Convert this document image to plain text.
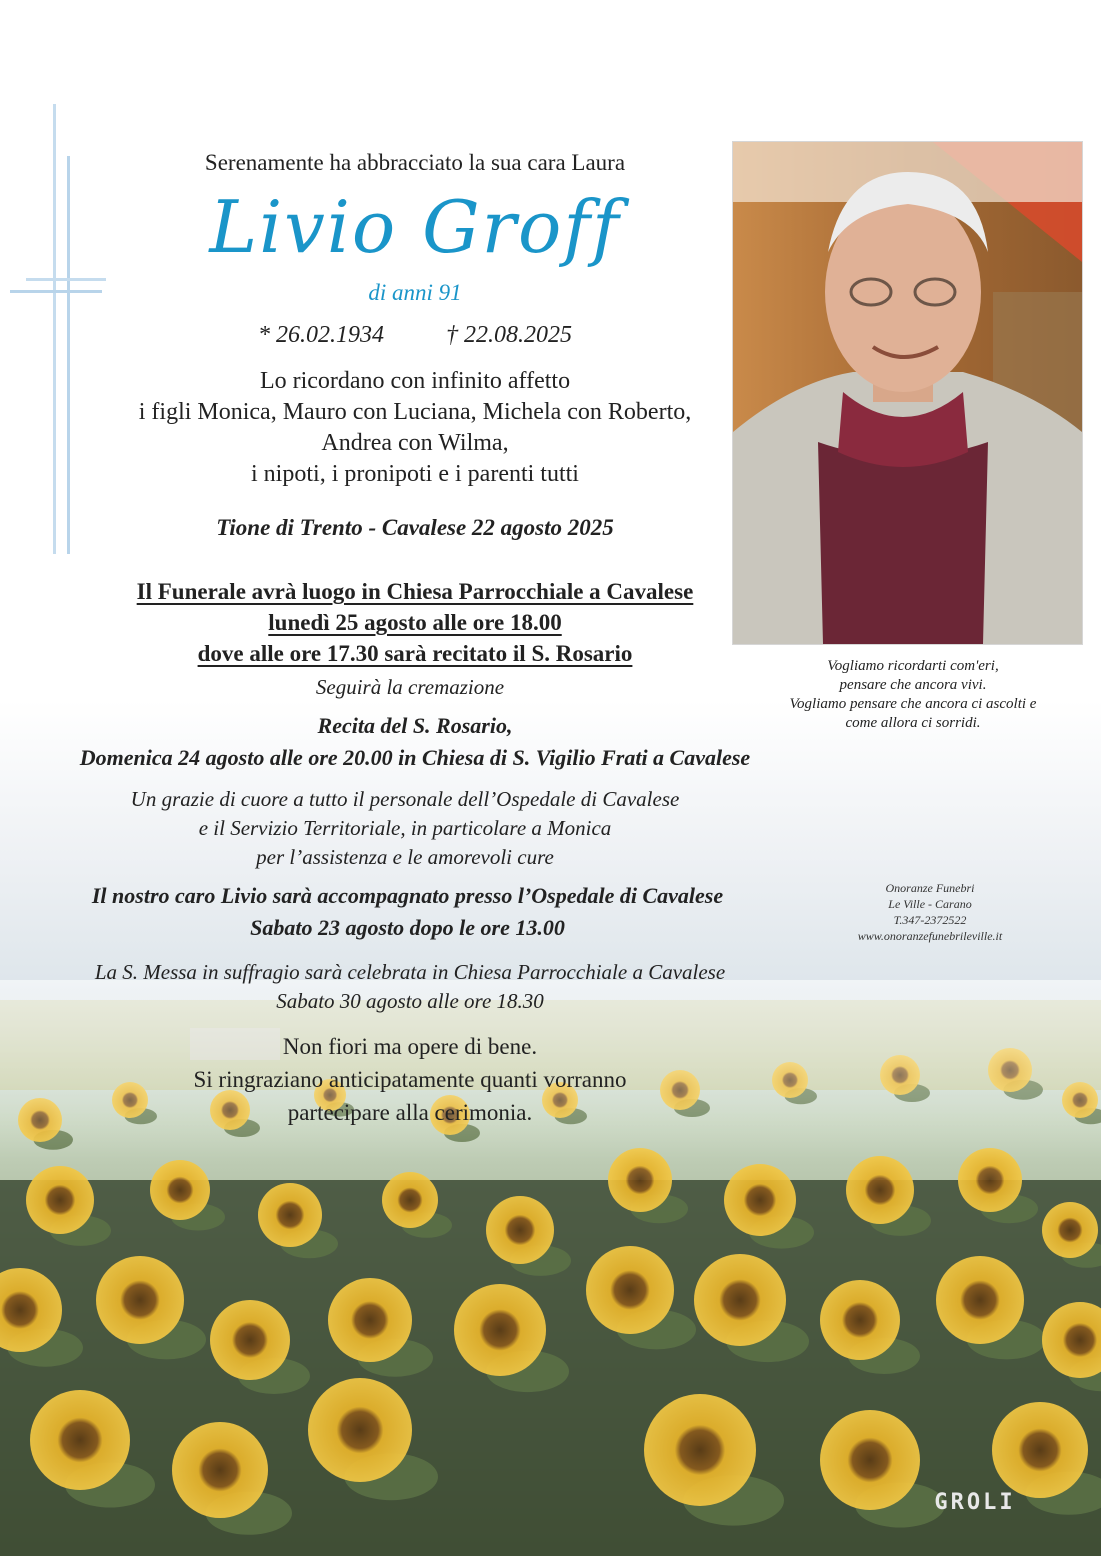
Serenamente ha abbracciato la sua cara Laura
Livio Groff
di anni 91
* 26.02.1934	† 22.08.2025
Lo ricordano con infinito affetto
i figli Monica, Mauro con Luciana, Michela con Roberto,
Andrea con Wilma,
i nipoti, i pronipoti e i parenti tutti
Tione di Trento - Cavalese 22 agosto 2025
Il Funerale avrà luogo in Chiesa Parrocchiale a Cavalese
lunedì 25 agosto alle ore 18.00
dove alle ore 17.30 sarà recitato il S. Rosario
Seguirà la cremazione
Recita del S. Rosario,
Domenica 24 agosto alle ore 20.00 in Chiesa di S. Vigilio Frati a Cavalese
Un grazie di cuore a tutto il personale dell’Ospedale di Cavalese
e il Servizio Territoriale, in particolare a Monica
per l’assistenza e le amorevoli cure
Il nostro caro Livio sarà accompagnato presso l’Ospedale di Cavalese
Sabato 23 agosto dopo le ore 13.00
La S. Messa in suffragio sarà celebrata in Chiesa Parrocchiale a Cavalese
Sabato 30 agosto alle ore 18.30
Non fiori ma opere di bene.
Si ringraziano anticipatamente quanti vorranno
partecipare alla cerimonia.
Vogliamo ricordarti com'eri,
pensare che ancora vivi.
Vogliamo pensare che ancora ci ascolti e
come allora ci sorridi.
Onoranze Funebri
Le Ville - Carano
T.347-2372522
www.onoranzefunebrileville.it
GROLI
